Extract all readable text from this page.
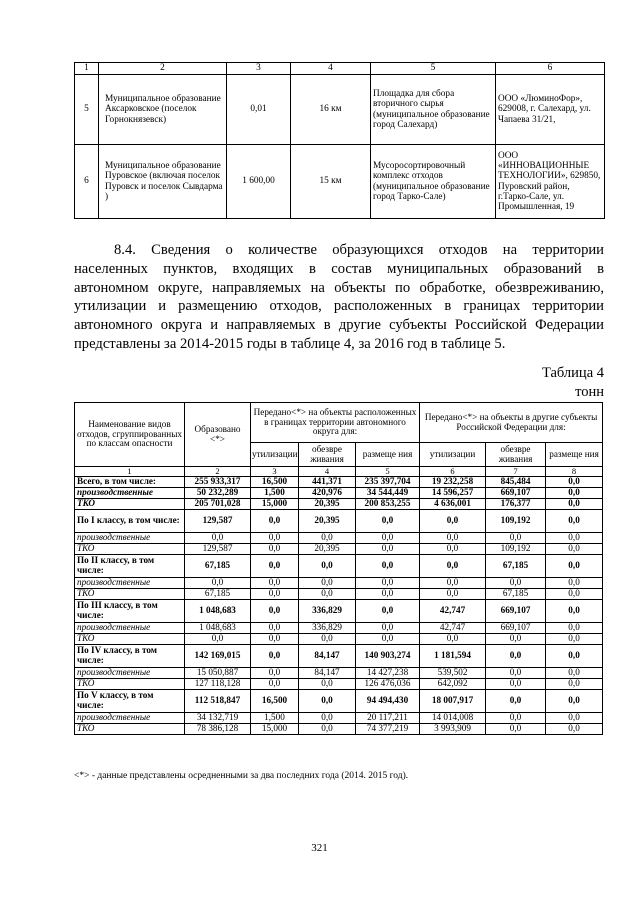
1	2	3	4	5	6
5	Муниципальное образование Аксарковское (поселок Горнокнязевск)	0,01	16 км	Площадка для сбора вторичного сырья (муниципальное образование город Салехард)	ООО «ЛюминоФор», 629008, г. Салехард, ул. Чапаева 31/21,
6	Муниципальное образование Пуровское (включая поселок Пуровск и поселок Сывдарма )	1 600,00	15 км	Мусоросортировочный комплекс отходов (муниципальное образование город Тарко-Сале)	ООО «ИННОВАЦИОННЫЕ ТЕХНОЛОГИИ», 629850, Пуровский район, г.Тарко-Сале, ул. Промышленная, 19
8.4. Сведения о количестве образующихся отходов на территории
населенных пунктов, входящих в состав муниципальных образований в
автономном округе, направляемых на объекты по обработке, обезвреживанию,
утилизации и размещению отходов, расположенных в границах территории
автономного округа и направляемых в другие субъекты Российской Федерации
представлены за 2014-2015 годы в таблице 4, за 2016 год в таблице 5.
Таблица 4
тонн
Наименование видов отходов, сгруппированных по классам опасности	Образовано <*>	Передано<*> на объекты расположенных в границах территории автономного округа для:			Передано<*> на объекты в другие субъекты Российской Федерации для:		
		утилизации	обезвре живания	размеще ния	утилизации	обезвре живания	размеще ния
1	2	3	4	5	6	7	8
Всего, в том числе:	255 933,317	16,500	441,371	235 397,704	19 232,258	845,484	0,0
производственные	50 232,289	1,500	420,976	34 544,449	14 596,257	669,107	0,0
ТКО	205 701,028	15,000	20,395	200 853,255	4 636,001	176,377	0,0
По I классу, в том числе:	129,587	0,0	20,395	0,0	0,0	109,192	0,0
производственные	0,0	0,0	0,0	0,0	0,0	0,0	0,0
ТКО	129,587	0,0	20,395	0,0	0,0	109,192	0,0
По II классу, в том числе:	67,185	0,0	0,0	0,0	0,0	67,185	0,0
производственные	0,0	0,0	0,0	0,0	0,0	0,0	0,0
ТКО	67,185	0,0	0,0	0,0	0,0	67,185	0,0
По III классу, в том числе:	1 048,683	0,0	336,829	0,0	42,747	669,107	0,0
производственные	1 048,683	0,0	336,829	0,0	42,747	669,107	0,0
ТКО	0,0	0,0	0,0	0,0	0,0	0,0	0,0
По IV классу, в том числе:	142 169,015	0,0	84,147	140 903,274	1 181,594	0,0	0,0
производственные	15 050,887	0,0	84,147	14 427,238	539,502	0,0	0,0
ТКО	127 118,128	0,0	0,0	126 476,036	642,092	0,0	0,0
По V классу, в том числе:	112 518,847	16,500	0,0	94 494,430	18 007,917	0,0	0,0
производственные	34 132,719	1,500	0,0	20 117,211	14 014,008	0,0	0,0
ТКО	78 386,128	15,000	0,0	74 377,219	3 993,909	0,0	0,0
<*> - данные представлены осредненными за два последних года (2014. 2015 год).
321
